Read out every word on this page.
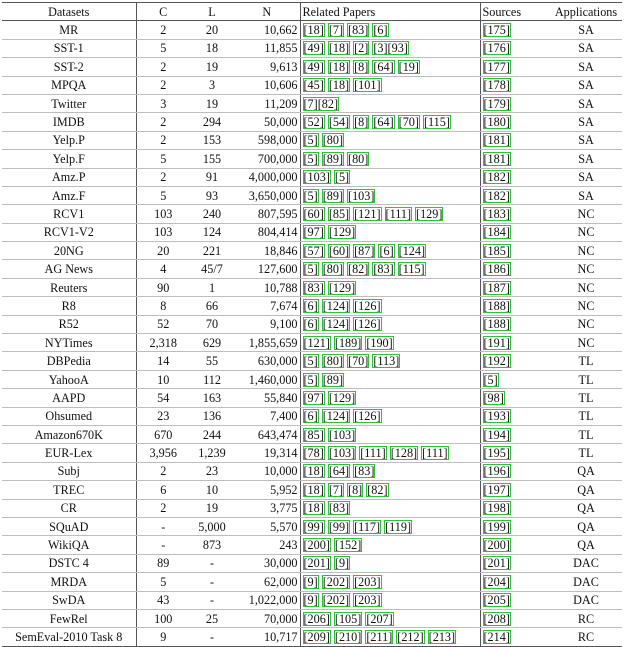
Datasets	C	L	N	Related Papers	Sources	Applications
MR	2	20	10,662	[18] [7] [83] [6]	[175]	SA
SST-1	5	18	11,855	[49] [18] [2] [3][93]	[176]	SA
SST-2	2	19	9,613	[49] [18] [8] [64] [19]	[177]	SA
MPQA	2	3	10,606	[45] [18] [101]	[178]	SA
Twitter	3	19	11,209	[7][82]	[179]	SA
IMDB	2	294	50,000	[52] [54] [8] [64] [70] [115]	[180]	SA
Yelp.P	2	153	598,000	[5] [80]	[181]	SA
Yelp.F	5	155	700,000	[5] [89] [80]	[181]	SA
Amz.P	2	91	4,000,000	[103] [5]	[182]	SA
Amz.F	5	93	3,650,000	[5] [89] [103]	[182]	SA
RCV1	103	240	807,595	[60] [85] [121] [111] [129]	[183]	NC
RCV1-V2	103	124	804,414	[97] [129]	[184]	NC
20NG	20	221	18,846	[57] [60] [87] [6] [124]	[185]	NC
AG News	4	45/7	127,600	[5] [80] [82] [83] [115]	[186]	NC
Reuters	90	1	10,788	[83] [129]	[187]	NC
R8	8	66	7,674	[6] [124] [126]	[188]	NC
R52	52	70	9,100	[6] [124] [126]	[188]	NC
NYTimes	2,318	629	1,855,659	[121] [189] [190]	[191]	NC
DBPedia	14	55	630,000	[5] [80] [70] [113]	[192]	TL
YahooA	10	112	1,460,000	[5] [89]	[5]	TL
AAPD	54	163	55,840	[97] [129]	[98]	TL
Ohsumed	23	136	7,400	[6] [124] [126]	[193]	TL
Amazon670K	670	244	643,474	[85] [103]	[194]	TL
EUR-Lex	3,956	1,239	19,314	[78] [103] [111] [128] [111]	[195]	TL
Subj	2	23	10,000	[18] [64] [83]	[196]	QA
TREC	6	10	5,952	[18] [7] [8] [82]	[197]	QA
CR	2	19	3,775	[18] [83]	[198]	QA
SQuAD	-	5,000	5,570	[99] [99] [117] [119]	[199]	QA
WikiQA	-	873	243	[200] [152]	[200]	QA
DSTC 4	89	-	30,000	[201] [9]	[201]	DAC
MRDA	5	-	62,000	[9] [202] [203]	[204]	DAC
SwDA	43	-	1,022,000	[9] [202] [203]	[205]	DAC
FewRel	100	25	70,000	[206] [105] [207]	[208]	RC
SemEval-2010 Task 8	9	-	10,717	[209] [210] [211] [212] [213]	[214]	RC
